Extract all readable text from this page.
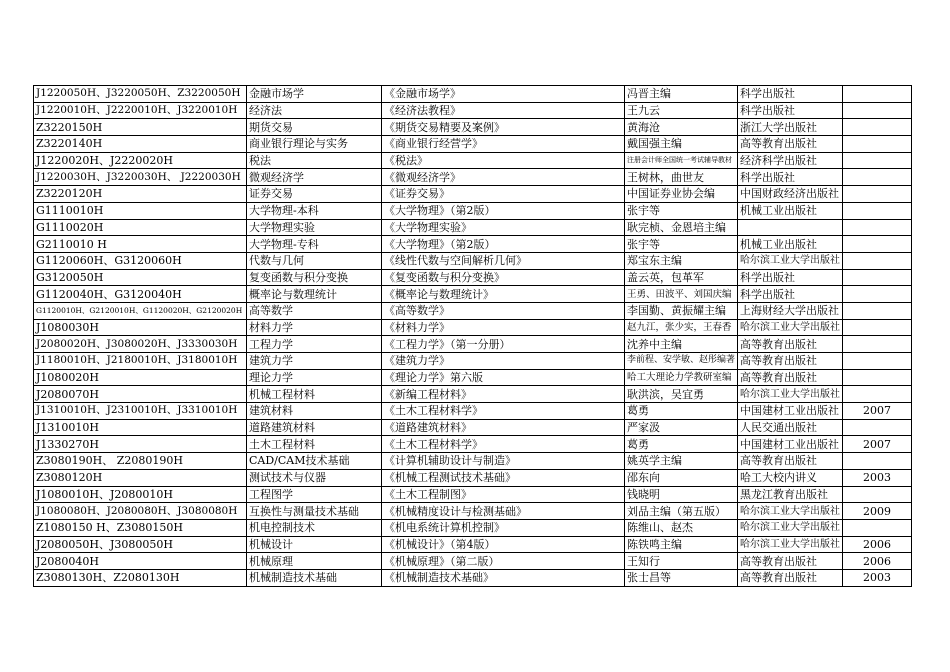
J1220050H、J3220050H、Z3220050H	金融市场学	《金融市场学》	冯晋主编	科学出版社	
J1220010H、J2220010H、J3220010H	经济法	《经济法教程》	王九云	科学出版社	
Z3220150H	期货交易	《期货交易精要及案例》	黄海沧	浙江大学出版社	
Z3220140H	商业银行理论与实务	《商业银行经营学》	戴国强主编	高等教育出版社	
J1220020H、J2220020H	税法	《税法》	注册会计师全国统一考试辅导教材	经济科学出版社	
J1220030H、J3220030H、 J2220030H	微观经济学	《微观经济学》	王树林，曲世友	科学出版社	
Z3220120H	证券交易	《证券交易》	中国证券业协会编	中国财政经济出版社	
G1110010H	大学物理-本科	《大学物理》（第2版）	张宇等	机械工业出版社	
G1110020H	大学物理实验	《大学物理实验》	耿完桢、金恩培主编		
G2110010 H	大学物理-专科	《大学物理》（第2版）	张宇等	机械工业出版社	
G1120060H、G3120060H	代数与几何	《线性代数与空间解析几何》	郑宝东主编	哈尔滨工业大学出版社	
G3120050H	复变函数与积分变换	《复变函数与积分变换》	盖云英，包革军	科学出版社	
G1120040H、G3120040H	概率论与数理统计	《概率论与数理统计》	王勇、田波平、刘国庆编	科学出版社	
G1120010H、G2120010H、G1120020H、G2120020H	高等数学	《高等数学》	李国勤、黄振耀主编	上海财经大学出版社	
J1080030H	材料力学	《材料力学》	赵九江，张少实，王春香	哈尔滨工业大学出版社	
J2080020H、J3080020H、J3330030H	工程力学	《工程力学》（第一分册）	沈养中主编	高等教育出版社	
J1180010H、J2180010H、J3180010H	建筑力学	《建筑力学》	李前程、安学敏、赵彤编著	高等教育出版社	
J1080020H	理论力学	《理论力学》第六版	哈工大理论力学教研室编	高等教育出版社	
J2080070H	机械工程材料	《新编工程材料》	耿洪滨，吴宜勇	哈尔滨工业大学出版社	
J1310010H、J2310010H、J3310010H	建筑材料	《土木工程材料学》	葛勇	中国建材工业出版社	2007
J1310010H	道路建筑材料	《道路建筑材料》	严家汲	人民交通出版社	
J1330270H	土木工程材料	《土木工程材料学》	葛勇	中国建材工业出版社	2007
Z3080190H、 Z2080190H	CAD/CAM技术基础	《计算机辅助设计与制造》	姚英学主编	高等教育出版社	
Z3080120H	测试技术与仪器	《机械工程测试技术基础》	邵东向	哈工大校内讲义	2003
J1080010H、J2080010H	工程图学	《土木工程制图》	钱晓明	黑龙江教育出版社	
J1080080H、J2080080H、J3080080H	互换性与测量技术基础	《机械精度设计与检测基础》	刘品主编（第五版）	哈尔滨工业大学出版社	2009
Z1080150 H、Z3080150H	机电控制技术	《机电系统计算机控制》	陈维山、赵杰	哈尔滨工业大学出版社	
J2080050H、J3080050H	机械设计	《机械设计》（第4版）	陈铁鸣主编	哈尔滨工业大学出版社	2006
J2080040H	机械原理	《机械原理》（第二版）	王知行	高等教育出版社	2006
Z3080130H、Z2080130H	机械制造技术基础	《机械制造技术基础》	张士昌等	高等教育出版社	2003
